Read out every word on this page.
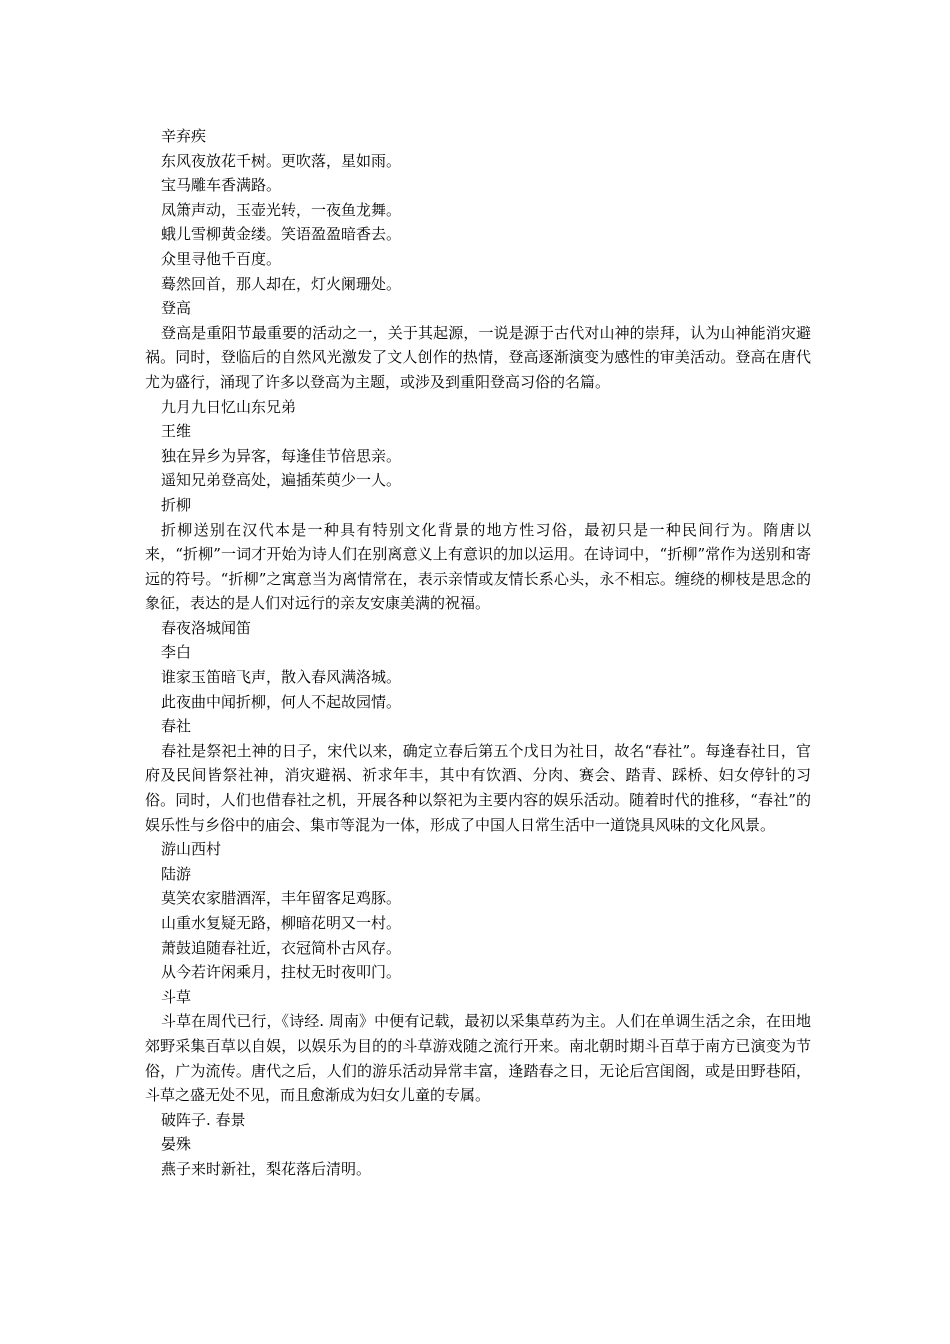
辛弃疾

东风夜放花千树。更吹落，星如雨。

宝马雕车香满路。

凤箫声动，玉壶光转，一夜鱼龙舞。

蛾儿雪柳黄金缕。笑语盈盈暗香去。

众里寻他千百度。

蓦然回首，那人却在，灯火阑珊处。

登高

登高是重阳节最重要的活动之一，关于其起源，一说是源于古代对山神的崇拜，认为山神能消灾避祸。同时，登临后的自然风光激发了文人创作的热情，登高逐渐演变为感性的审美活动。登高在唐代尤为盛行，涌现了许多以登高为主题，或涉及到重阳登高习俗的名篇。

九月九日忆山东兄弟

王维

独在异乡为异客，每逢佳节倍思亲。

遥知兄弟登高处，遍插茱萸少一人。

折柳

折柳送别在汉代本是一种具有特别文化背景的地方性习俗，最初只是一种民间行为。隋唐以来，“折柳”一词才开始为诗人们在别离意义上有意识的加以运用。在诗词中，“折柳”常作为送别和寄远的符号。“折柳”之寓意当为离情常在，表示亲情或友情长系心头，永不相忘。缠绕的柳枝是思念的象征，表达的是人们对远行的亲友安康美满的祝福。

春夜洛城闻笛

李白

谁家玉笛暗飞声，散入春风满洛城。

此夜曲中闻折柳，何人不起故园情。

春社

春社是祭祀土神的日子，宋代以来，确定立春后第五个戊日为社日，故名“春社”。每逢春社日，官府及民间皆祭社神，消灾避祸、祈求年丰，其中有饮酒、分肉、赛会、踏青、踩桥、妇女停针的习俗。同时，人们也借春社之机，开展各种以祭祀为主要内容的娱乐活动。随着时代的推移，“春社”的娱乐性与乡俗中的庙会、集市等混为一体，形成了中国人日常生活中一道饶具风味的文化风景。

游山西村

陆游

莫笑农家腊酒浑，丰年留客足鸡豚。

山重水复疑无路，柳暗花明又一村。

萧鼓追随春社近，衣冠简朴古风存。

从今若许闲乘月，拄杖无时夜叩门。

斗草

斗草在周代已行，《诗经. 周南》中便有记载，最初以采集草药为主。人们在单调生活之余，在田地郊野采集百草以自娱，以娱乐为目的的斗草游戏随之流行开来。南北朝时期斗百草于南方已演变为节俗，广为流传。唐代之后，人们的游乐活动异常丰富，逢踏春之日，无论后宫闺阁，或是田野巷陌，斗草之盛无处不见，而且愈渐成为妇女儿童的专属。

破阵子. 春景

晏殊

燕子来时新社，梨花落后清明。
